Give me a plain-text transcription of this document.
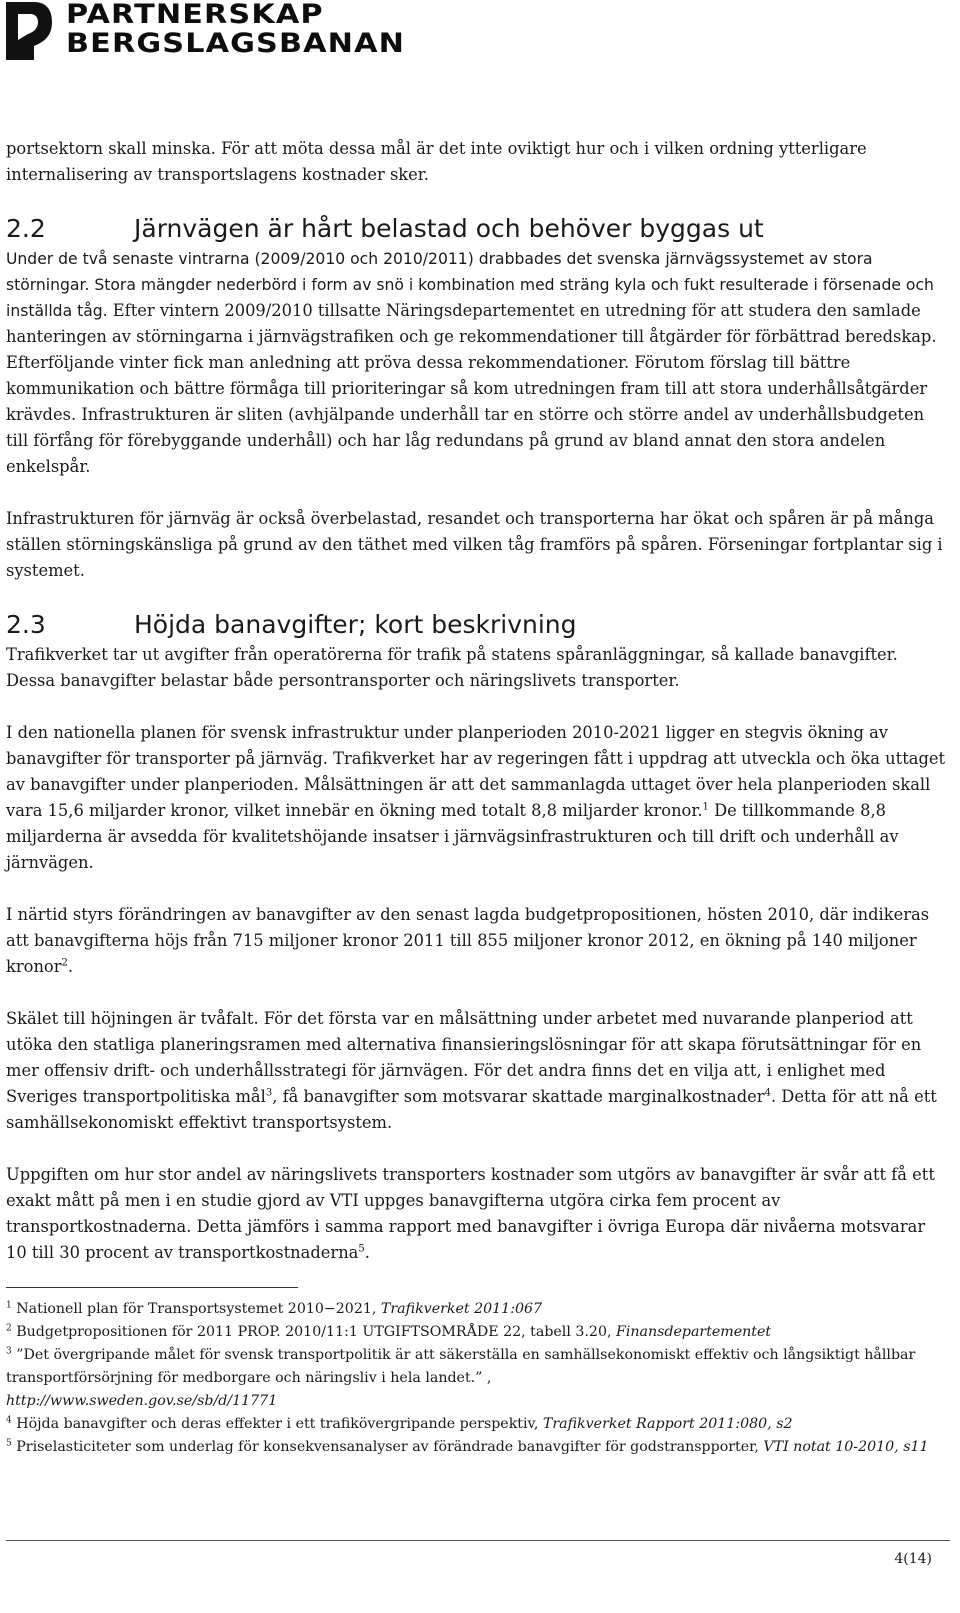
PARTNERSKAP
BERGSLAGSBANAN

portsektorn skall minska. För att möta dessa mål är det inte oviktigt hur och i vilken ordning ytterligare internalisering av transportslagens kostnader sker.

2.2	Järnvägen är hårt belastad och behöver byggas ut

Under de två senaste vintrarna (2009/2010 och 2010/2011) drabbades det svenska järnvägssystemet av stora störningar. Stora mängder nederbörd i form av snö i kombination med sträng kyla och fukt resulterade i försenade och inställda tåg. Efter vintern 2009/2010 tillsatte Näringsdepartementet en utredning för att studera den samlade hanteringen av störningarna i järnvägstrafiken och ge rekommendationer till åtgärder för förbättrad beredskap. Efterföljande vinter fick man anledning att pröva dessa rekommendationer. Förutom förslag till bättre kommunikation och bättre förmåga till prioriteringar så kom utredningen fram till att stora underhållsåtgärder krävdes. Infrastrukturen är sliten (avhjälpande underhåll tar en större och större andel av underhållsbudgeten till förfång för förebyggande underhåll) och har låg redundans på grund av bland annat den stora andelen enkelspår.

Infrastrukturen för järnväg är också överbelastad, resandet och transporterna har ökat och spåren är på många ställen störningskänsliga på grund av den täthet med vilken tåg framförs på spåren. Förseningar fortplantar sig i systemet.

2.3	Höjda banavgifter; kort beskrivning

Trafikverket tar ut avgifter från operatörerna för trafik på statens spåranläggningar, så kallade banavgifter. Dessa banavgifter belastar både persontransporter och näringslivets transporter.

I den nationella planen för svensk infrastruktur under planperioden 2010-2021 ligger en stegvis ökning av banavgifter för transporter på järnväg. Trafikverket har av regeringen fått i uppdrag att utveckla och öka uttaget av banavgifter under planperioden. Målsättningen är att det sammanlagda uttaget över hela planperioden skall vara 15,6 miljarder kronor, vilket innebär en ökning med totalt 8,8 miljarder kronor.$^1$ De tillkommande 8,8 miljarderna är avsedda för kvalitetshöjande insatser i järnvägsinfrastrukturen och till drift och underhåll av järnvägen.

I närtid styrs förändringen av banavgifter av den senast lagda budgetpropositionen, hösten 2010, där indikeras att banavgifterna höjs från 715 miljoner kronor 2011 till 855 miljoner kronor 2012, en ökning på 140 miljoner kronor$^2$.

Skälet till höjningen är tvåfalt. För det första var en målsättning under arbetet med nuvarande planperiod att utöka den statliga planeringsramen med alternativa finansieringslösningar för att skapa förutsättningar för en mer offensiv drift- och underhållsstrategi för järnvägen. För det andra finns det en vilja att, i enlighet med Sveriges transportpolitiska mål$^3$, få banavgifter som motsvarar skattade marginalkostnader$^4$. Detta för att nå ett samhällsekonomiskt effektivt transportsystem.

Uppgiften om hur stor andel av näringslivets transporters kostnader som utgörs av banavgifter är svår att få ett exakt mått på men i en studie gjord av VTI uppges banavgifterna utgöra cirka fem procent av transportkostnaderna. Detta jämförs i samma rapport med banavgifter i övriga Europa där nivåerna motsvarar 10 till 30 procent av transportkostnaderna$^5$.

$^1$ Nationell plan för Transportsystemet 2010−2021, Trafikverket 2011:067

$^2$ Budgetpropositionen för 2011 PROP. 2010/11:1 UTGIFTSOMRÅDE 22, tabell 3.20, Finansdepartementet

$^3$ ”Det övergripande målet för svensk transportpolitik är att säkerställa en samhällsekonomiskt effektiv och långsiktigt hållbar transportförsörjning för medborgare och näringsliv i hela landet.” ,
http://www.sweden.gov.se/sb/d/11771

$^4$ Höjda banavgifter och deras effekter i ett trafikövergripande perspektiv, Trafikverket Rapport 2011:080, s2

$^5$ Priselasticiteter som underlag för konsekvensanalyser av förändrade banavgifter för godstranspporter, VTI notat 10-2010, s11

4(14)
